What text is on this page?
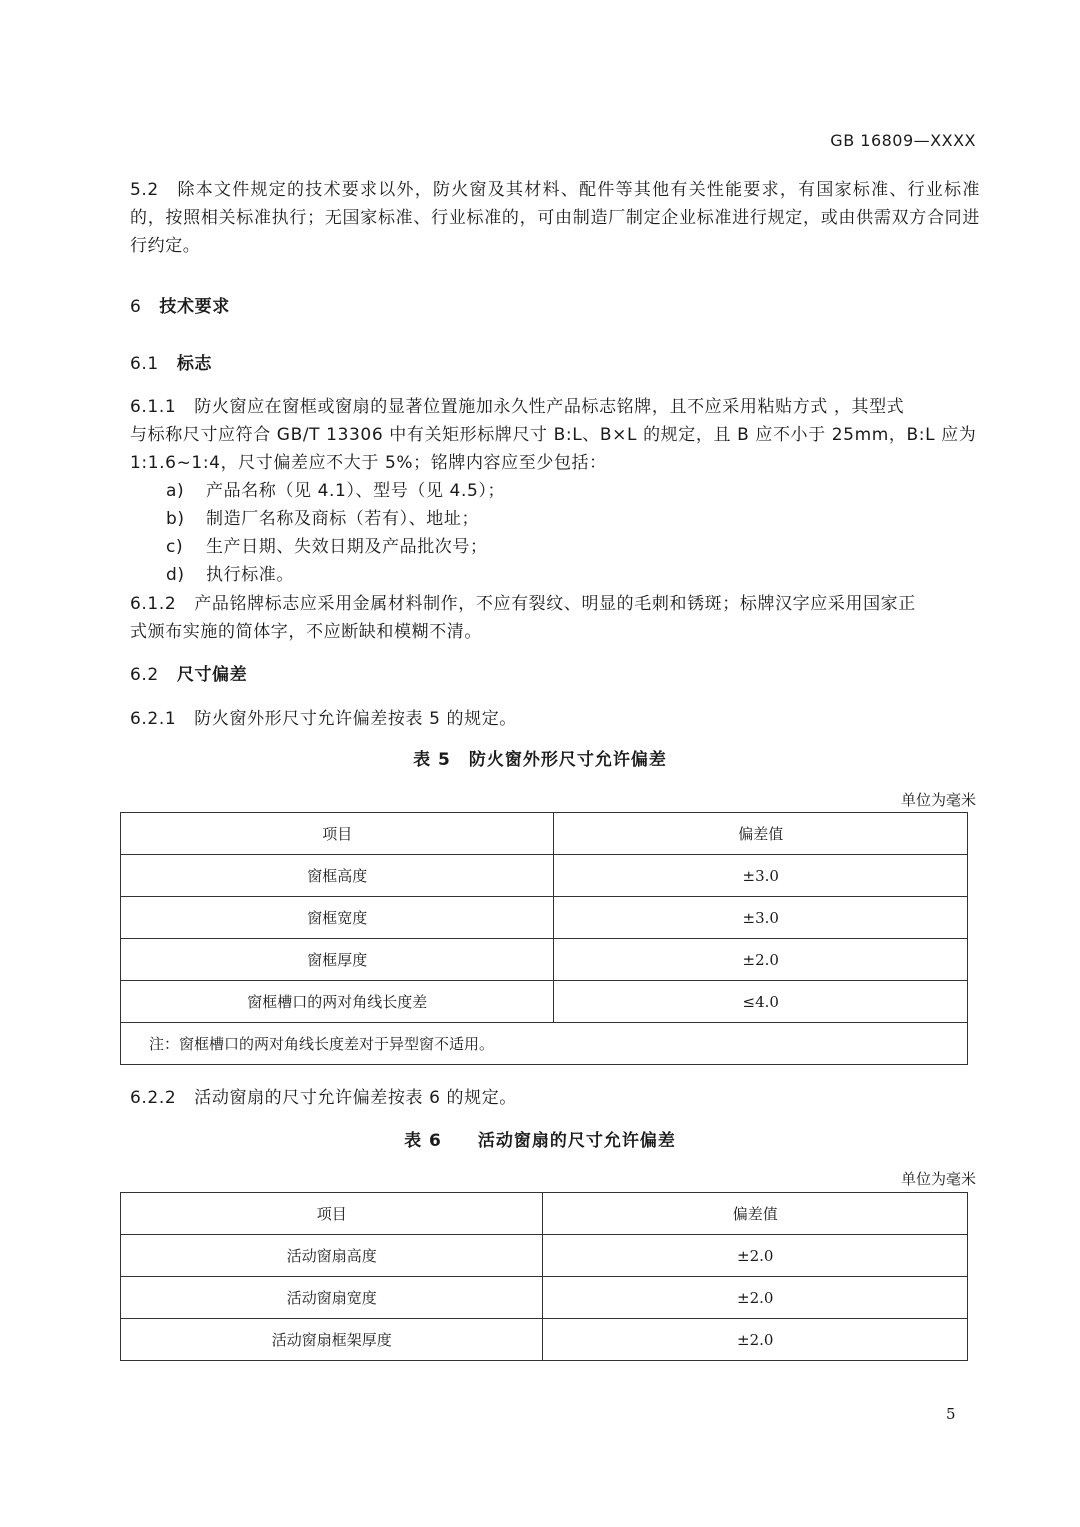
GB 16809—XXXX
5.2 除本文件规定的技术要求以外，防火窗及其材料、配件等其他有关性能要求，有国家标准、行业标准的，按照相关标准执行；无国家标准、行业标准的，可由制造厂制定企业标准进行规定，或由供需双方合同进行约定。
6 技术要求
6.1 标志
6.1.1 防火窗应在窗框或窗扇的显著位置施加永久性产品标志铭牌，且不应采用粘贴方式 ，其型式
与标称尺寸应符合 GB/T 13306 中有关矩形标牌尺寸 B:L、B×L 的规定，且 B 应不小于 25mm，B:L 应为
1:1.6~1:4，尺寸偏差应不大于 5%；铭牌内容应至少包括：
a) 产品名称（见 4.1）、型号（见 4.5）；
b) 制造厂名称及商标（若有）、地址；
c) 生产日期、失效日期及产品批次号；
d) 执行标准。
6.1.2 产品铭牌标志应采用金属材料制作，不应有裂纹、明显的毛刺和锈斑；标牌汉字应采用国家正
式颁布实施的简体字，不应断缺和模糊不清。
6.2 尺寸偏差
6.2.1 防火窗外形尺寸允许偏差按表 5 的规定。
表 5　防火窗外形尺寸允许偏差
单位为毫米
项目	偏差值
窗框高度	±3.0
窗框宽度	±3.0
窗框厚度	±2.0
窗框槽口的两对角线长度差	≤4.0
注：窗框槽口的两对角线长度差对于异型窗不适用。	
6.2.2 活动窗扇的尺寸允许偏差按表 6 的规定。
表 6　　活动窗扇的尺寸允许偏差
单位为毫米
项目	偏差值
活动窗扇高度	±2.0
活动窗扇宽度	±2.0
活动窗扇框架厚度	±2.0
5
